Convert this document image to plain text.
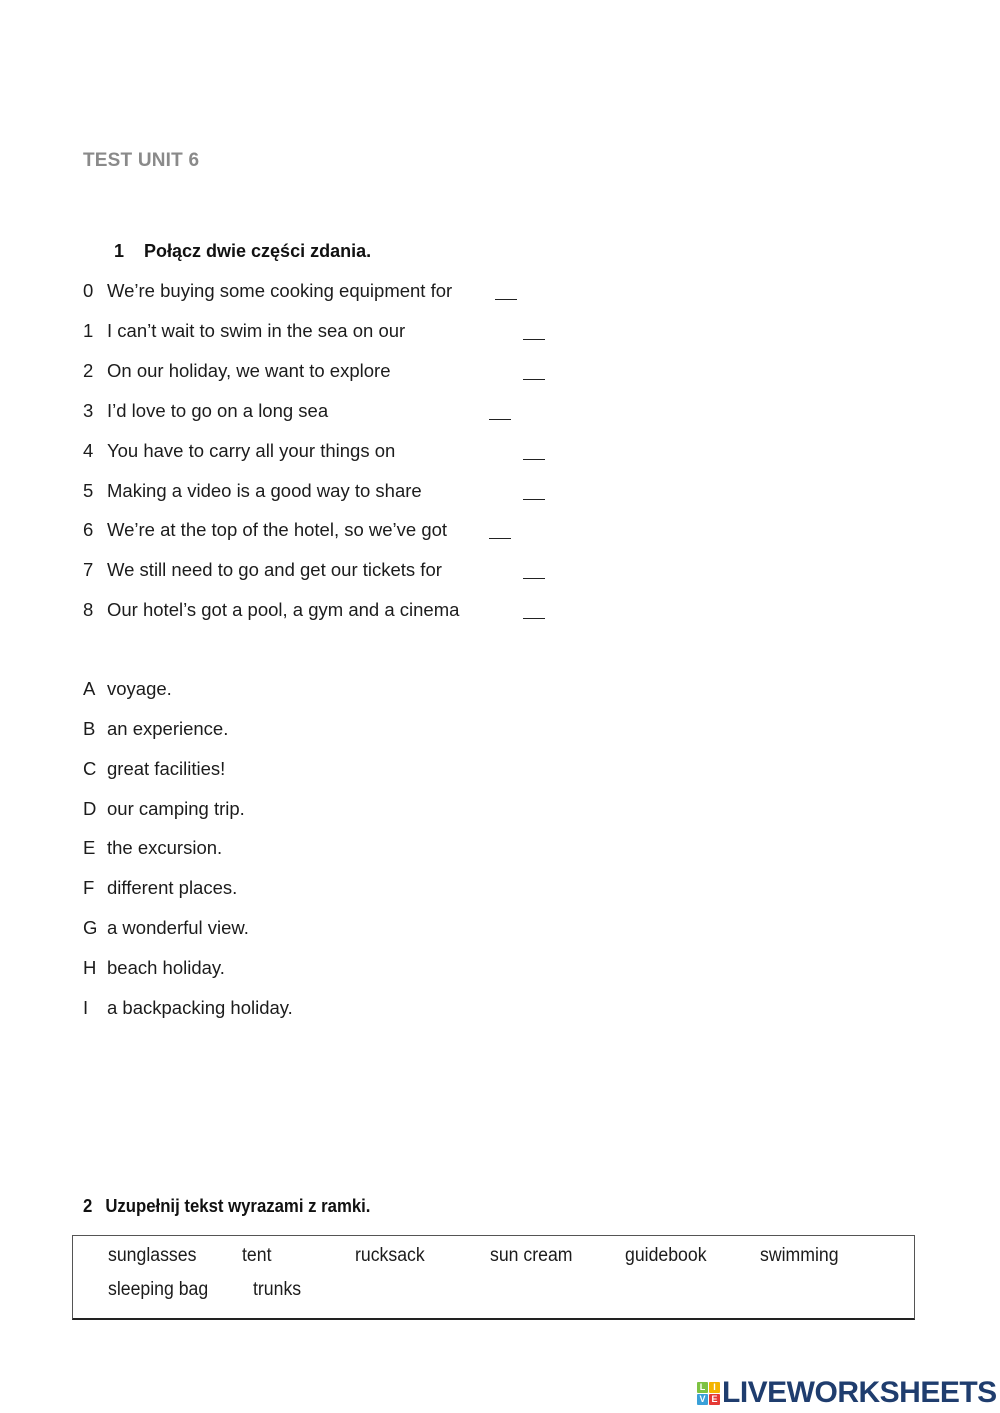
TEST UNIT 6
1 Połącz dwie części zdania.
0 We’re buying some cooking equipment for
1 I can’t wait to swim in the sea on our
2 On our holiday, we want to explore
3 I’d love to go on a long sea
4 You have to carry all your things on
5 Making a video is a good way to share
6 We’re at the top of the hotel, so we’ve got
7 We still need to go and get our tickets for
8 Our hotel’s got a pool, a gym and a cinema
A voyage.
B an experience.
C great facilities!
D our camping trip.
E the excursion.
F different places.
G a wonderful view.
H beach holiday.
I a backpacking holiday.
2 Uzupełnij tekst wyrazami z ramki.
sunglasses tent	rucksack	sun cream	guidebook	swimming
sleeping bag trunks
L I
V E LIVEWORKSHEETS
